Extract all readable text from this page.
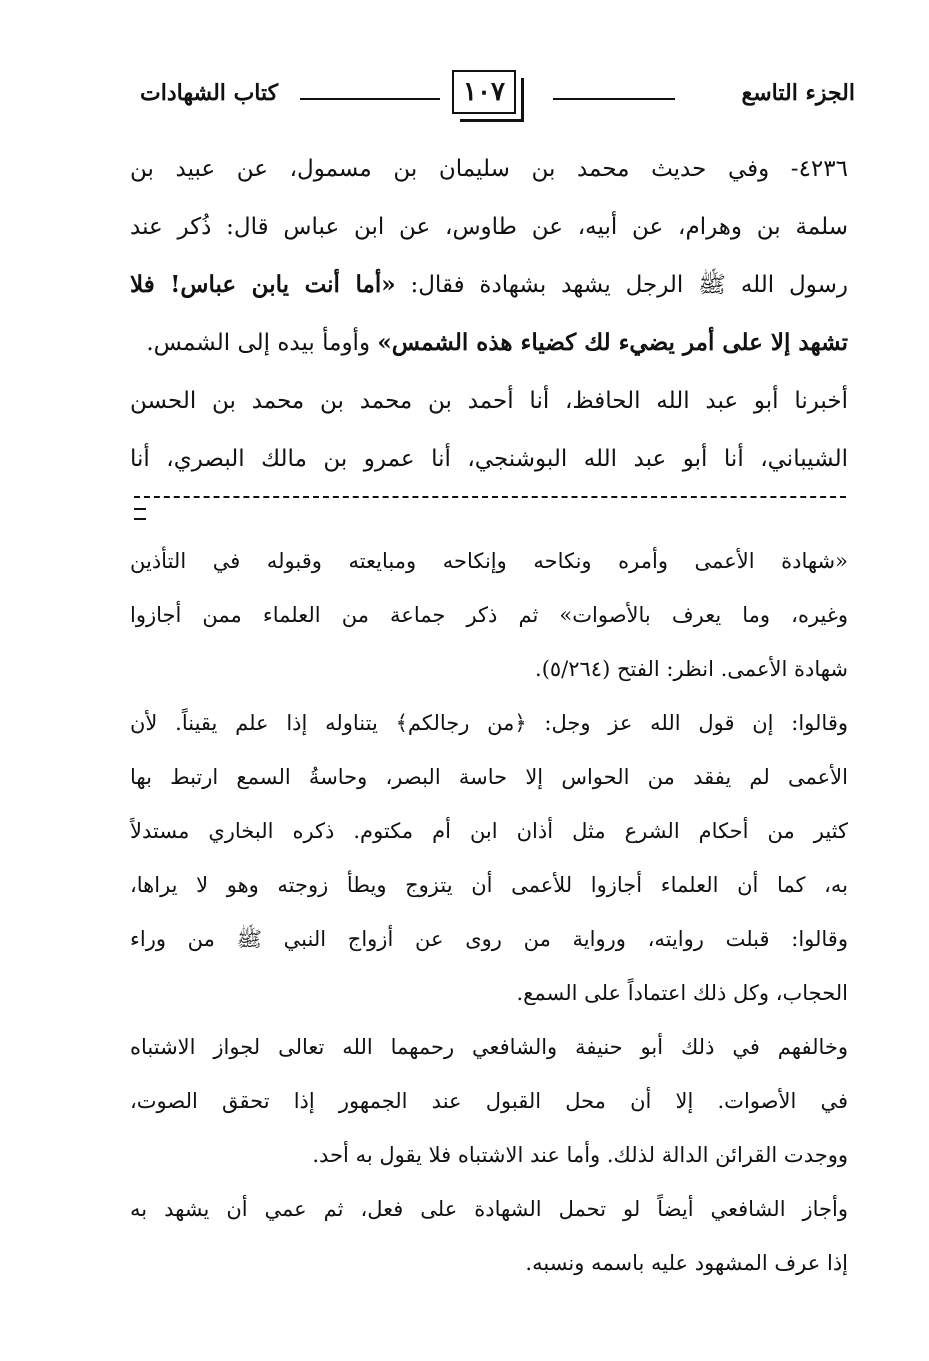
الجزء التاسع
١٠٧
كتاب الشهادات
٤٢٣٦- وفي حديث محمد بن سليمان بن مسمول، عن عبيد بن
سلمة بن وهرام، عن أبيه، عن طاوس، عن ابن عباس قال: ذُكر عند
رسول الله ﷺ الرجل يشهد بشهادة فقال: «أما أنت يابن عباس! فلا
تشهد إلا على أمر يضيء لك كضياء هذه الشمس» وأومأ بيده إلى الشمس.
أخبرنا أبو عبد الله الحافظ، أنا أحمد بن محمد بن محمد بن الحسن
الشيباني، أنا أبو عبد الله البوشنجي، أنا عمرو بن مالك البصري، أنا
«شهادة الأعمى وأمره ونكاحه وإنكاحه ومبايعته وقبوله في التأذين
وغيره، وما يعرف بالأصوات» ثم ذكر جماعة من العلماء ممن أجازوا
شهادة الأعمى. انظر: الفتح (٥/٢٦٤).
وقالوا: إن قول الله عز وجل: ﴿من رجالكم﴾ يتناوله إذا علم يقيناً. لأن
الأعمى لم يفقد من الحواس إلا حاسة البصر، وحاسةُ السمع ارتبط بها
كثير من أحكام الشرع مثل أذان ابن أم مكتوم. ذكره البخاري مستدلاً
به، كما أن العلماء أجازوا للأعمى أن يتزوج ويطأ زوجته وهو لا يراها،
وقالوا: قبلت روايته، ورواية من روى عن أزواج النبي ﷺ من وراء
الحجاب، وكل ذلك اعتماداً على السمع.
وخالفهم في ذلك أبو حنيفة والشافعي رحمهما الله تعالى لجواز الاشتباه
في الأصوات. إلا أن محل القبول عند الجمهور إذا تحقق الصوت،
ووجدت القرائن الدالة لذلك. وأما عند الاشتباه فلا يقول به أحد.
وأجاز الشافعي أيضاً لو تحمل الشهادة على فعل، ثم عمي أن يشهد به
إذا عرف المشهود عليه باسمه ونسبه.
